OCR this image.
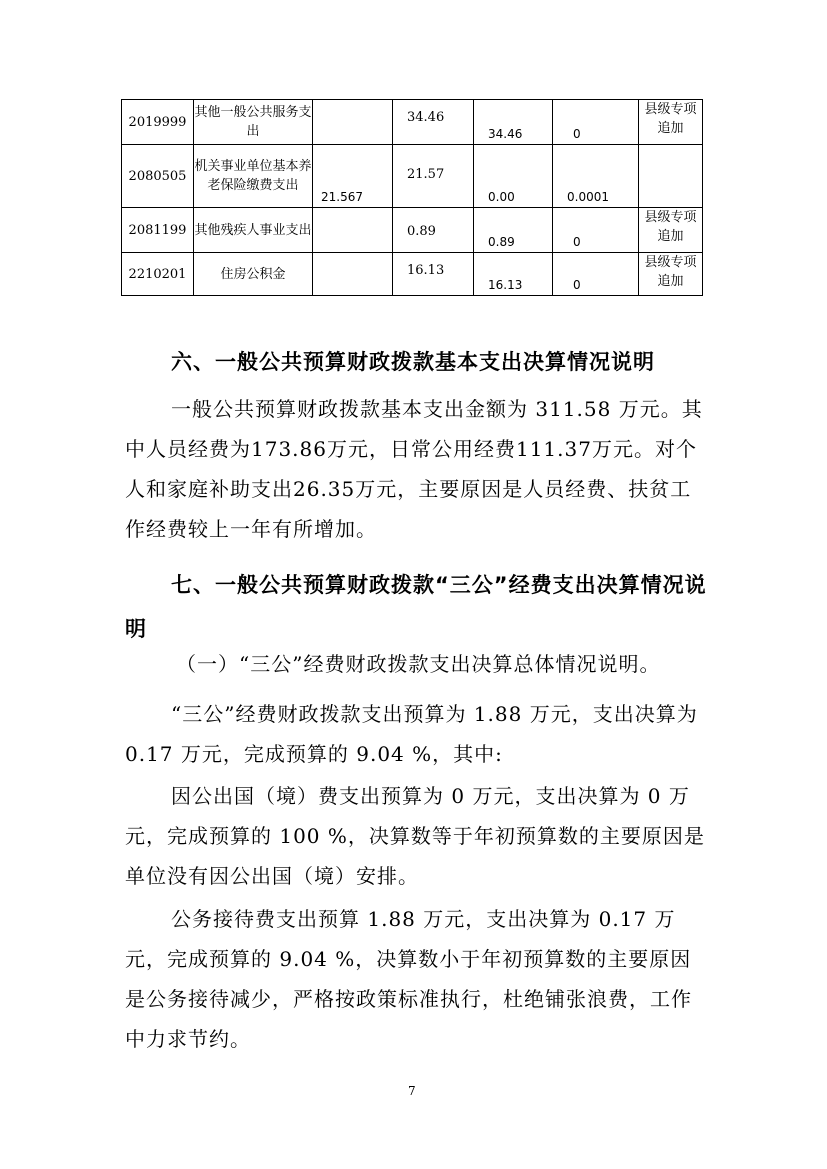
2019999	其他一般公共服务支出		34.46	34.46	0	县级专项追加
2080505	机关事业单位基本养老保险缴费支出	21.567	21.57	0.00	0.0001	
2081199	其他残疾人事业支出		0.89	0.89	0	县级专项追加
2210201	住房公积金		16.13	16.13	0	县级专项追加
六、一般公共预算财政拨款基本支出决算情况说明
一般公共预算财政拨款基本支出金额为 311.58 万元。其中人员经费为173.86万元，日常公用经费111.37万元。对个人和家庭补助支出26.35万元，主要原因是人员经费、扶贫工作经费较上一年有所增加。
七、一般公共预算财政拨款“三公”经费支出决算情况说明
（一）“三公”经费财政拨款支出决算总体情况说明。
“三公”经费财政拨款支出预算为 1.88 万元，支出决算为 0.17 万元，完成预算的 9.04 %，其中:
因公出国（境）费支出预算为 0 万元，支出决算为 0 万元，完成预算的 100 %，决算数等于年初预算数的主要原因是单位没有因公出国（境）安排。
公务接待费支出预算 1.88 万元，支出决算为 0.17 万元，完成预算的 9.04 %，决算数小于年初预算数的主要原因是公务接待减少，严格按政策标准执行，杜绝铺张浪费，工作中力求节约。
7
